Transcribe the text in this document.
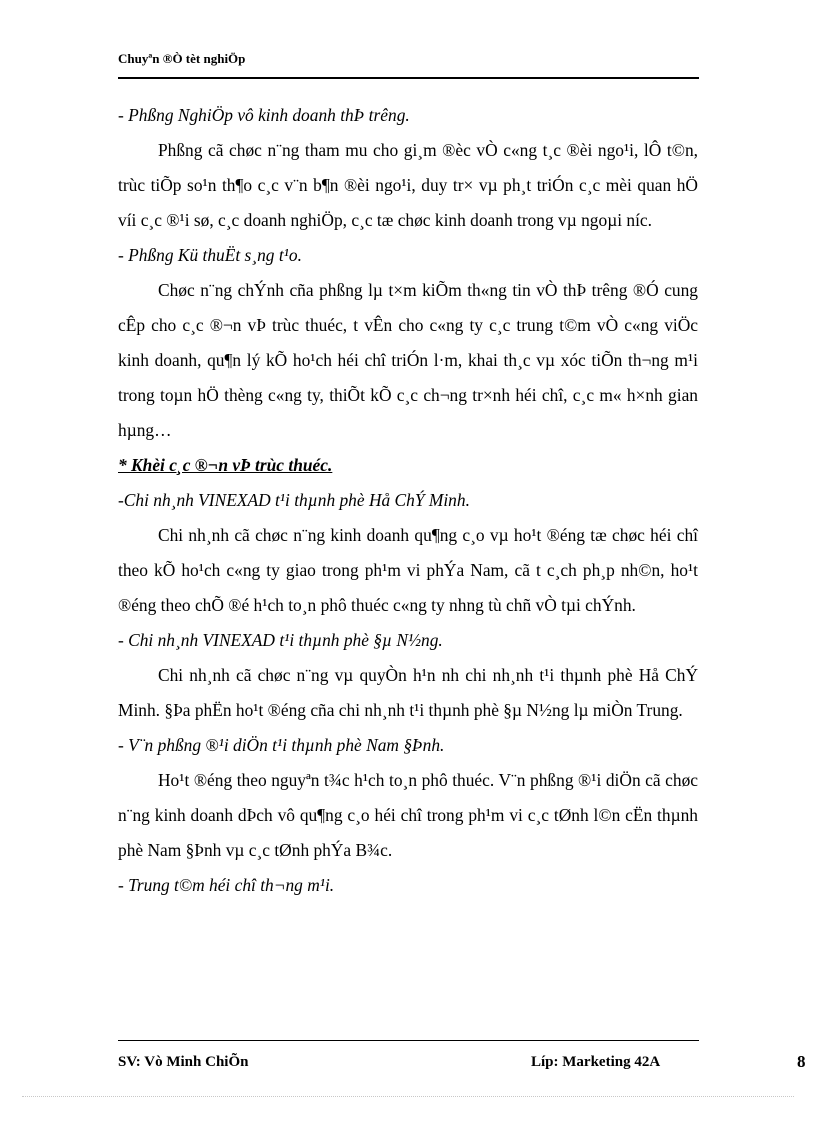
Chuyªn ®Ò tèt nghiÖp

- Phßng NghiÖp vô kinh doanh thÞ trêng.

Phßng cã chøc n¨ng tham mu cho gi¸m ®èc vÒ c«ng t¸c ®èi ngo¹i, lÔ t©n, trùc tiÕp so¹n th¶o c¸c v¨n b¶n ®èi ngo¹i, duy tr× vµ ph¸t triÓn c¸c mèi quan hÖ víi c¸c ®¹i sø, c¸c doanh nghiÖp, c¸c tæ chøc kinh doanh trong vµ ngoµi níc.

- Phßng Kü thuËt s¸ng t¹o.

Chøc n¨ng chÝnh cña phßng lµ t×m kiÕm th«ng tin vÒ thÞ trêng ®Ó cung cÊp cho c¸c ®¬n vÞ trùc thuéc, t vÊn cho c«ng ty c¸c trung t©m vÒ c«ng viÖc kinh doanh, qu¶n lý kÕ ho¹ch héi chî triÓn l·m, khai th¸c vµ xóc tiÕn th¬ng m¹i trong toµn hÖ thèng c«ng ty, thiÕt kÕ c¸c ch¬ng tr×nh héi chî, c¸c m« h×nh gian hµng…

* Khèi c¸c ®¬n vÞ trùc thuéc.

-Chi nh¸nh VINEXAD t¹i thµnh phè Hå ChÝ Minh.

Chi nh¸nh cã chøc n¨ng kinh doanh qu¶ng c¸o vµ ho¹t ®éng tæ chøc héi chî theo kÕ ho¹ch c«ng ty giao trong ph¹m vi phÝa Nam, cã t c¸ch ph¸p nh©n, ho¹t ®éng theo chÕ ®é h¹ch to¸n phô thuéc c«ng ty nhng tù chñ vÒ tµi chÝnh.

- Chi nh¸nh VINEXAD t¹i thµnh phè §µ N½ng.

Chi nh¸nh cã chøc n¨ng vµ quyÒn h¹n nh chi nh¸nh t¹i thµnh phè Hå ChÝ Minh. §Þa phËn ho¹t ®éng cña chi nh¸nh t¹i thµnh phè §µ N½ng lµ miÒn Trung.

- V¨n phßng ®¹i diÖn t¹i thµnh phè Nam §Þnh.

Ho¹t ®éng theo nguyªn t¾c h¹ch to¸n phô thuéc. V¨n phßng ®¹i diÖn cã chøc n¨ng kinh doanh dÞch vô qu¶ng c¸o héi chî trong ph¹m vi c¸c tØnh l©n cËn thµnh phè Nam §Þnh vµ c¸c tØnh phÝa B¾c.

- Trung t©m héi chî th¬ng m¹i.

SV: Vò Minh ChiÕn	Líp: Marketing 42A	8
